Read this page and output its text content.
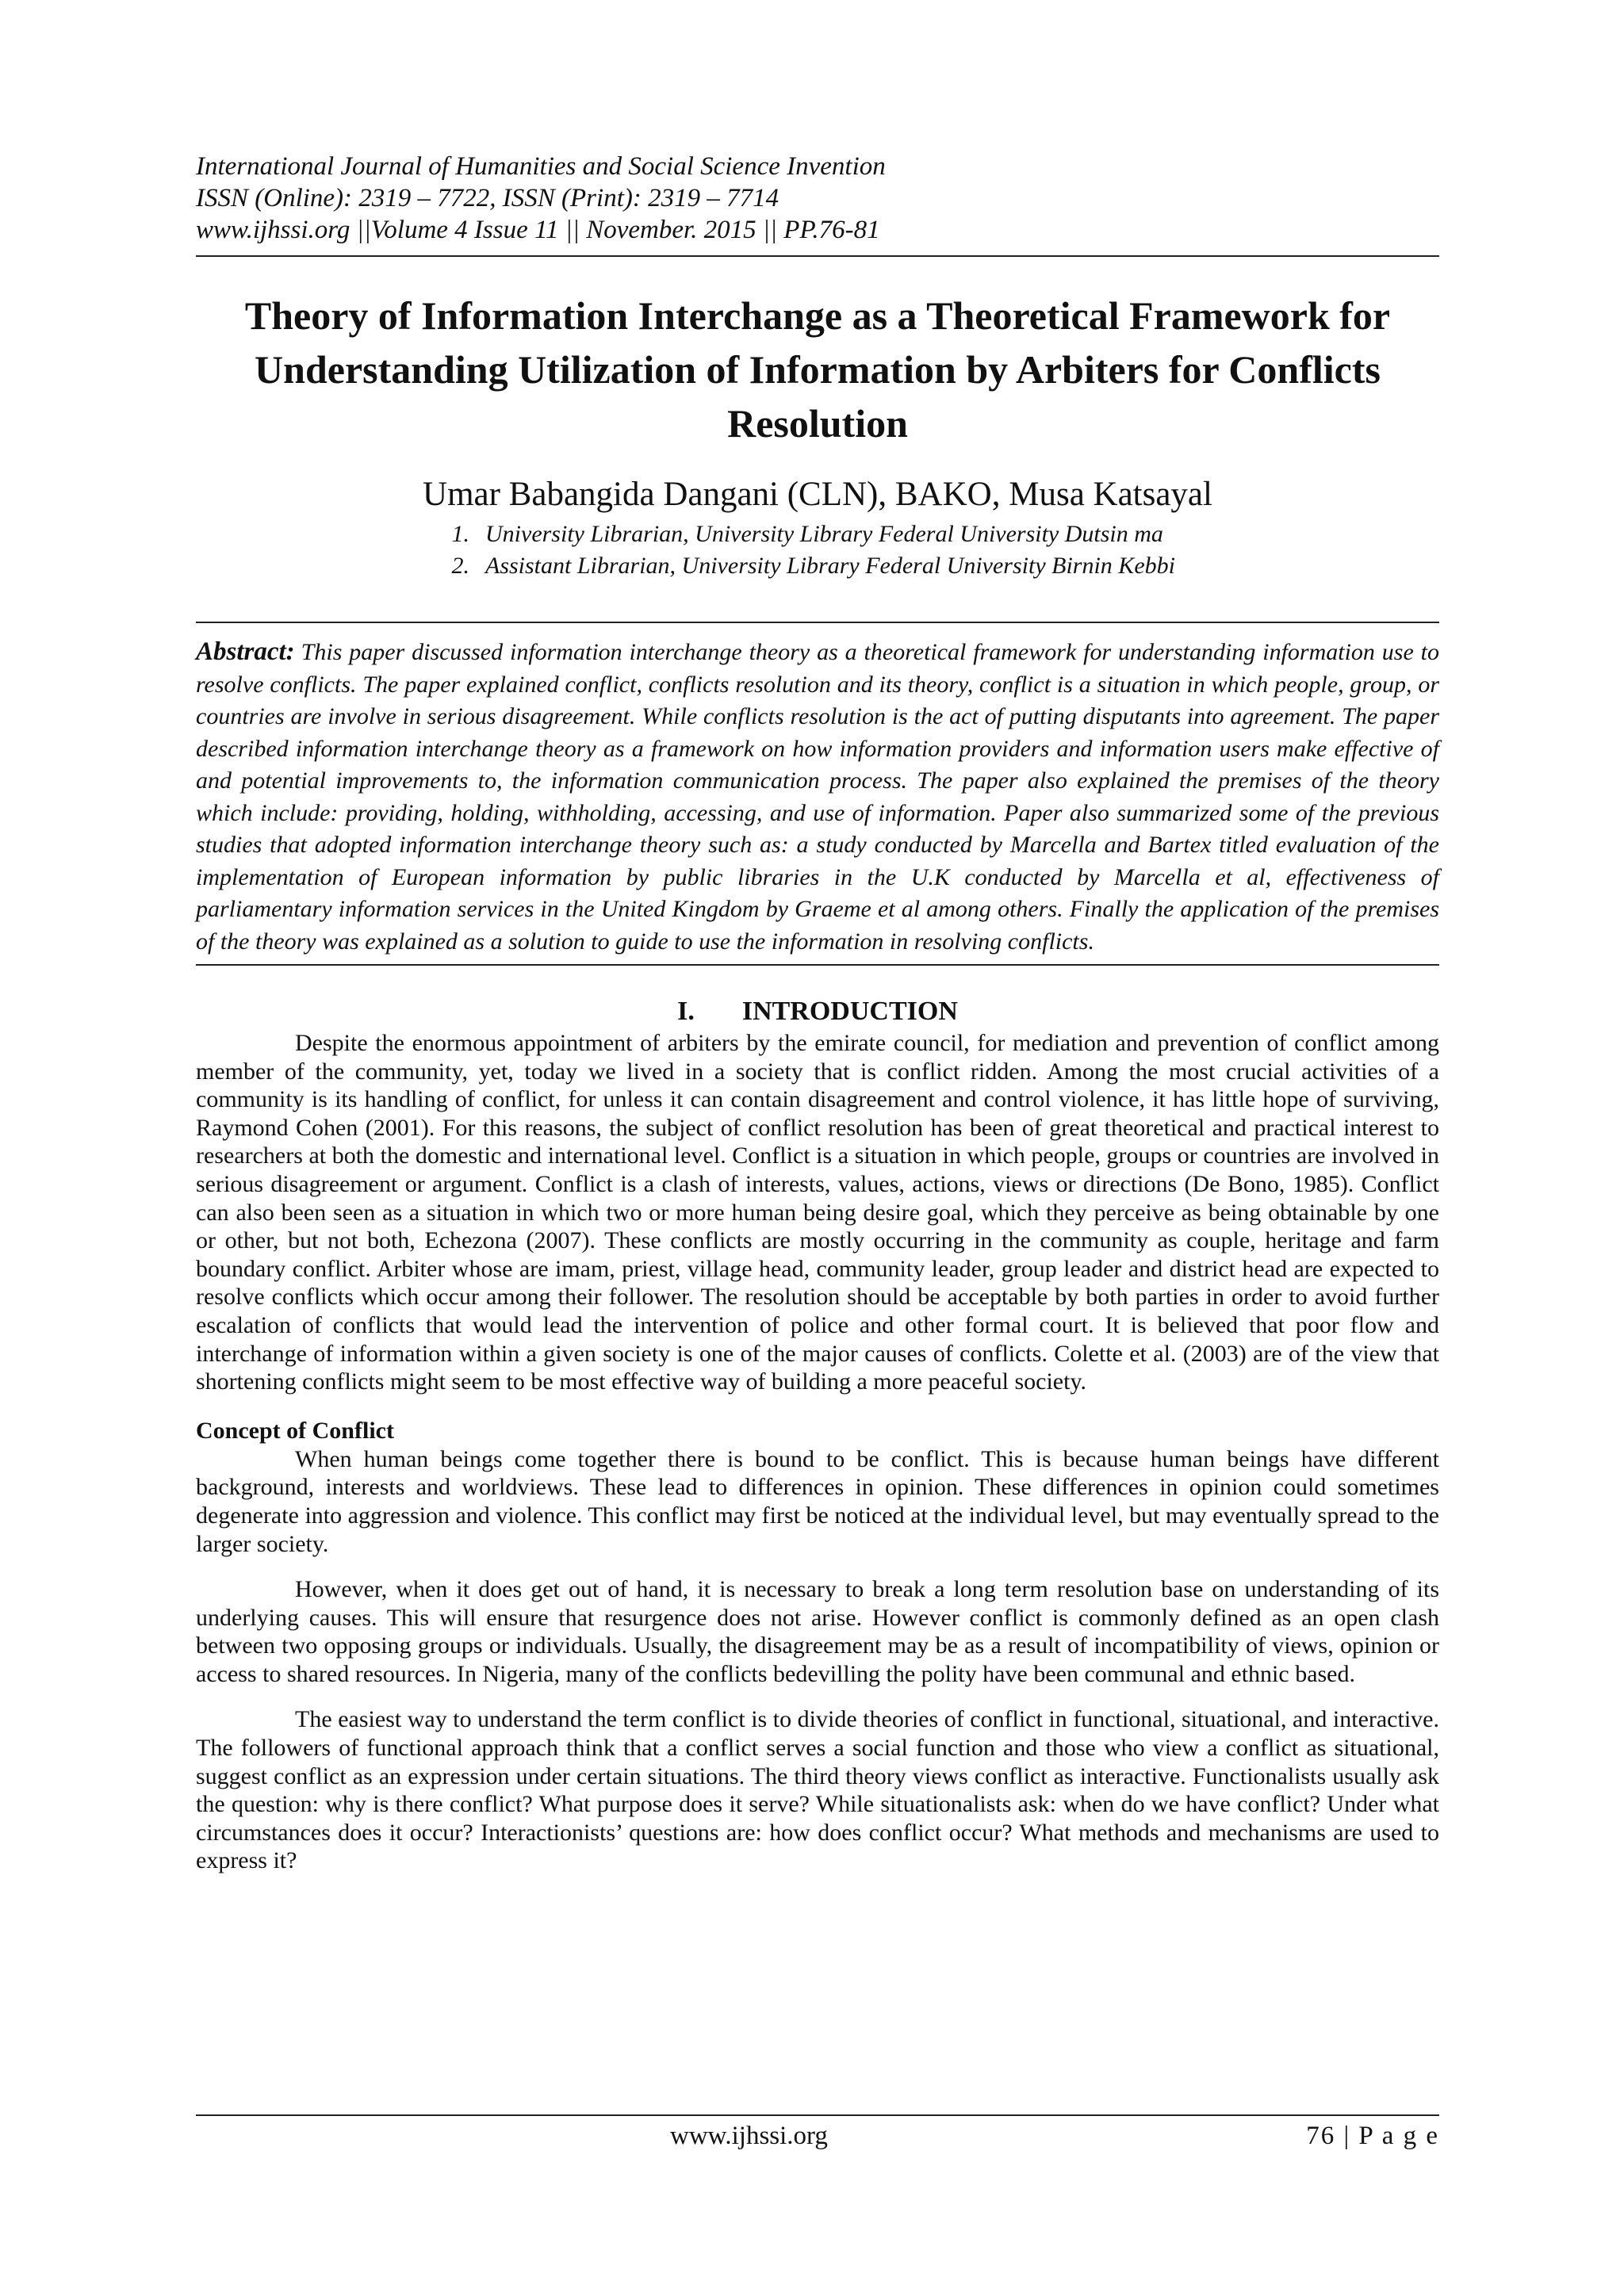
International Journal of Humanities and Social Science Invention
ISSN (Online): 2319 – 7722, ISSN (Print): 2319 – 7714
www.ijhssi.org ||Volume 4 Issue 11 || November. 2015 || PP.76-81
Theory of Information Interchange as a Theoretical Framework for Understanding Utilization of Information by Arbiters for Conflicts Resolution

Umar Babangida Dangani (CLN), BAKO, Musa Katsayal

1. University Librarian, University Library Federal University Dutsin ma
2. Assistant Librarian, University Library Federal University Birnin Kebbi

Abstract: This paper discussed information interchange theory as a theoretical framework for understanding information use to resolve conflicts. The paper explained conflict, conflicts resolution and its theory, conflict is a situation in which people, group, or countries are involve in serious disagreement. While conflicts resolution is the act of putting disputants into agreement. The paper described information interchange theory as a framework on how information providers and information users make effective of and potential improvements to, the information communication process. The paper also explained the premises of the theory which include: providing, holding, withholding, accessing, and use of information. Paper also summarized some of the previous studies that adopted information interchange theory such as: a study conducted by Marcella and Bartex titled evaluation of the implementation of European information by public libraries in the U.K conducted by Marcella et al, effectiveness of parliamentary information services in the United Kingdom by Graeme et al among others. Finally the application of the premises of the theory was explained as a solution to guide to use the information in resolving conflicts.

I. INTRODUCTION

Despite the enormous appointment of arbiters by the emirate council, for mediation and prevention of conflict among member of the community, yet, today we lived in a society that is conflict ridden. Among the most crucial activities of a community is its handling of conflict, for unless it can contain disagreement and control violence, it has little hope of surviving, Raymond Cohen (2001). For this reasons, the subject of conflict resolution has been of great theoretical and practical interest to researchers at both the domestic and international level. Conflict is a situation in which people, groups or countries are involved in serious disagreement or argument. Conflict is a clash of interests, values, actions, views or directions (De Bono, 1985). Conflict can also been seen as a situation in which two or more human being desire goal, which they perceive as being obtainable by one or other, but not both, Echezona (2007). These conflicts are mostly occurring in the community as couple, heritage and farm boundary conflict. Arbiter whose are imam, priest, village head, community leader, group leader and district head are expected to resolve conflicts which occur among their follower. The resolution should be acceptable by both parties in order to avoid further escalation of conflicts that would lead the intervention of police and other formal court. It is believed that poor flow and interchange of information within a given society is one of the major causes of conflicts. Colette et al. (2003) are of the view that shortening conflicts might seem to be most effective way of building a more peaceful society.

Concept of Conflict

When human beings come together there is bound to be conflict. This is because human beings have different background, interests and worldviews. These lead to differences in opinion. These differences in opinion could sometimes degenerate into aggression and violence. This conflict may first be noticed at the individual level, but may eventually spread to the larger society.

However, when it does get out of hand, it is necessary to break a long term resolution base on understanding of its underlying causes. This will ensure that resurgence does not arise. However conflict is commonly defined as an open clash between two opposing groups or individuals. Usually, the disagreement may be as a result of incompatibility of views, opinion or access to shared resources. In Nigeria, many of the conflicts bedevilling the polity have been communal and ethnic based.

The easiest way to understand the term conflict is to divide theories of conflict in functional, situational, and interactive. The followers of functional approach think that a conflict serves a social function and those who view a conflict as situational, suggest conflict as an expression under certain situations. The third theory views conflict as interactive. Functionalists usually ask the question: why is there conflict? What purpose does it serve? While situationalists ask: when do we have conflict? Under what circumstances does it occur? Interactionists’ questions are: how does conflict occur? What methods and mechanisms are used to express it?

www.ijhssi.org	76 | P a g e
